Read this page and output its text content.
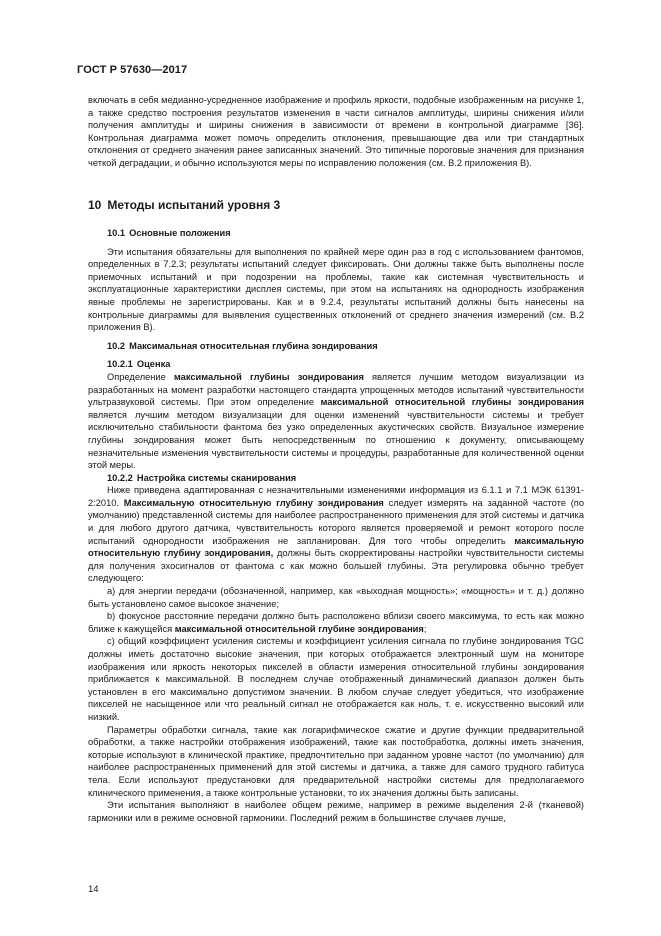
ГОСТ Р 57630—2017

включать в себя медианно-усредненное изображение и профиль яркости, подобные изображенным на рисунке 1, а также средство построения результатов изменения в части сигналов амплитуды, ширины снижения и/или получения амплитуды и ширины снижения в зависимости от времени в контрольной диаграмме [36]. Контрольная диаграмма может помочь определить отклонения, превышающие два или три стандартных отклонения от среднего значения ранее записанных значений. Это типичные пороговые значения для признания четкой деградации, и обычно используются меры по исправлению положения (см. В.2 приложения В).

10 Методы испытаний уровня 3

10.1 Основные положения

Эти испытания обязательны для выполнения по крайней мере один раз в год с использованием фантомов, определенных в 7.2.3; результаты испытаний следует фиксировать. Они должны также быть выполнены после приемочных испытаний и при подозрении на проблемы, такие как системная чувствительность и эксплуатационные характеристики дисплея системы, при этом на испытаниях на однородность изображения явные проблемы не зарегистрированы. Как и в 9.2.4, результаты испытаний должны быть нанесены на контрольные диаграммы для выявления существенных отклонений от среднего значения измерений (см. В.2 приложения В).

10.2 Максимальная относительная глубина зондирования

10.2.1 Оценка

Определение максимальной глубины зондирования является лучшим методом визуализации из разработанных на момент разработки настоящего стандарта упрощенных методов испытаний чувствительности ультразвуковой системы. При этом определение максимальной относительной глубины зондирования является лучшим методом визуализации для оценки изменений чувствительности системы и требует исключительно стабильности фантома без узко определенных акустических свойств. Визуальное измерение глубины зондирования может быть непосредственным по отношению к документу, описывающему незначительные изменения чувствительности системы и процедуры, разработанные для количественной оценки этой меры.

10.2.2 Настройка системы сканирования

Ниже приведена адаптированная с незначительными изменениями информация из 6.1.1 и 7.1 МЭК 61391-2:2010. Максимальную относительную глубину зондирования следует измерять на заданной частоте (по умолчанию) представленной системы для наиболее распространенного применения для этой системы и датчика и для любого другого датчика, чувствительность которого является проверяемой и ремонт которого после испытаний однородности изображения не запланирован. Для того чтобы определить максимальную относительную глубину зондирования, должны быть скорректированы настройки чувствительности системы для получения эхосигналов от фантома с как можно большей глубины. Эта регулировка обычно требует следующего:

а) для энергии передачи (обозначенной, например, как «выходная мощность»; «мощность» и т. д.) должно быть установлено самое высокое значение;

b) фокусное расстояние передачи должно быть расположено вблизи своего максимума, то есть как можно ближе к кажущейся максимальной относительной глубине зондирования;

с) общий коэффициент усиления системы и коэффициент усиления сигнала по глубине зондирования TGC должны иметь достаточно высокие значения, при которых отображается электронный шум на мониторе изображения или яркость некоторых пикселей в области измерения относительной глубины зондирования приближается к максимальной. В последнем случае отображенный динамический диапазон должен быть установлен в его максимально допустимом значении. В любом случае следует убедиться, что изображение пикселей не насыщенное или что реальный сигнал не отображается как ноль, т. е. искусственно высокий или низкий.

Параметры обработки сигнала, такие как логарифмическое сжатие и другие функции предварительной обработки, а также настройки отображения изображений, такие как постобработка, должны иметь значения, которые используют в клинической практике, предпочтительно при заданном уровне частот (по умолчанию) для наиболее распространенных применений для этой системы и датчика, а также для самого трудного габитуса тела. Если используют предустановки для предварительной настройки системы для предполагаемого клинического применения, а также контрольные установки, то их значения должны быть записаны.

Эти испытания выполняют в наиболее общем режиме, например в режиме выделения 2-й (тканевой) гармоники или в режиме основной гармоники. Последний режим в большинстве случаев лучше,

14
